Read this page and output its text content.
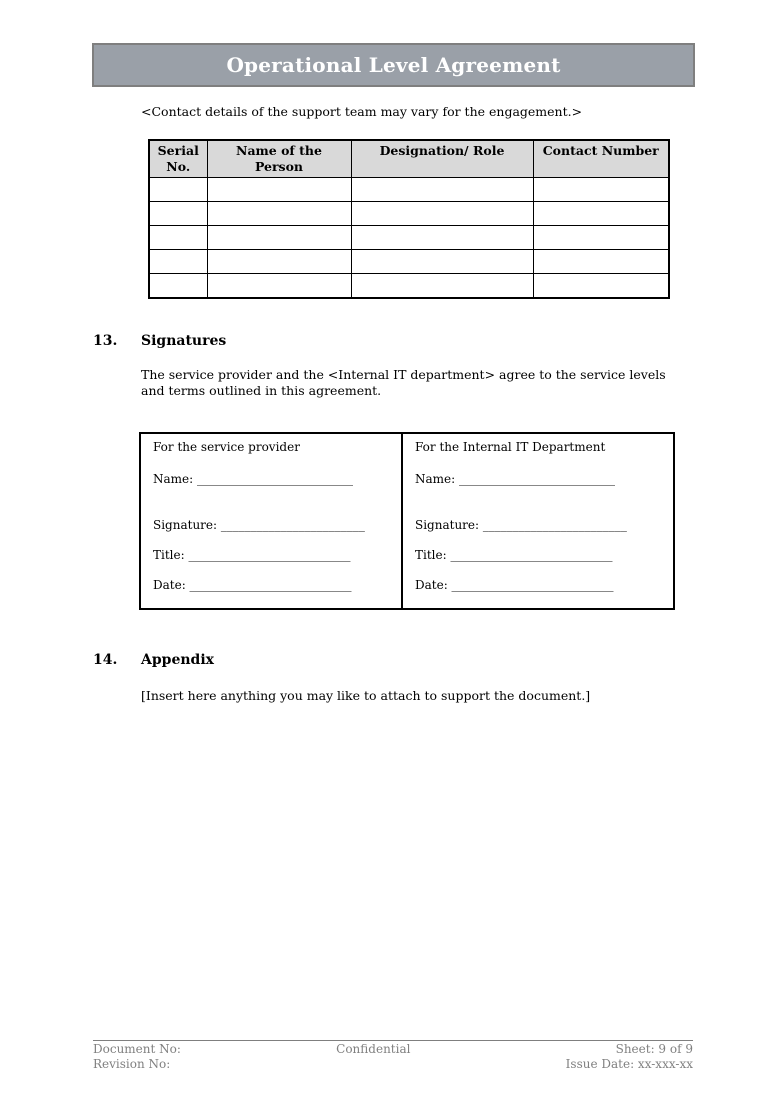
Operational Level Agreement
<Contact details of the support team may vary for the engagement.>
Serial No.	Name of the Person	Designation/ Role	Contact Number

13.	Signatures
The service provider and the <Internal IT department> agree to the service levels and terms outlined in this agreement.
For the service provider
Name: __________________________
Signature: ________________________
Title: ___________________________
Date: ___________________________
For the Internal IT Department
Name: __________________________
Signature: ________________________
Title: ___________________________
Date: ___________________________
14.	Appendix
[Insert here anything you may like to attach to support the document.]
Document No:
Revision No:
Confidential	Sheet: 9 of 9
Issue Date: xx-xxx-xx
